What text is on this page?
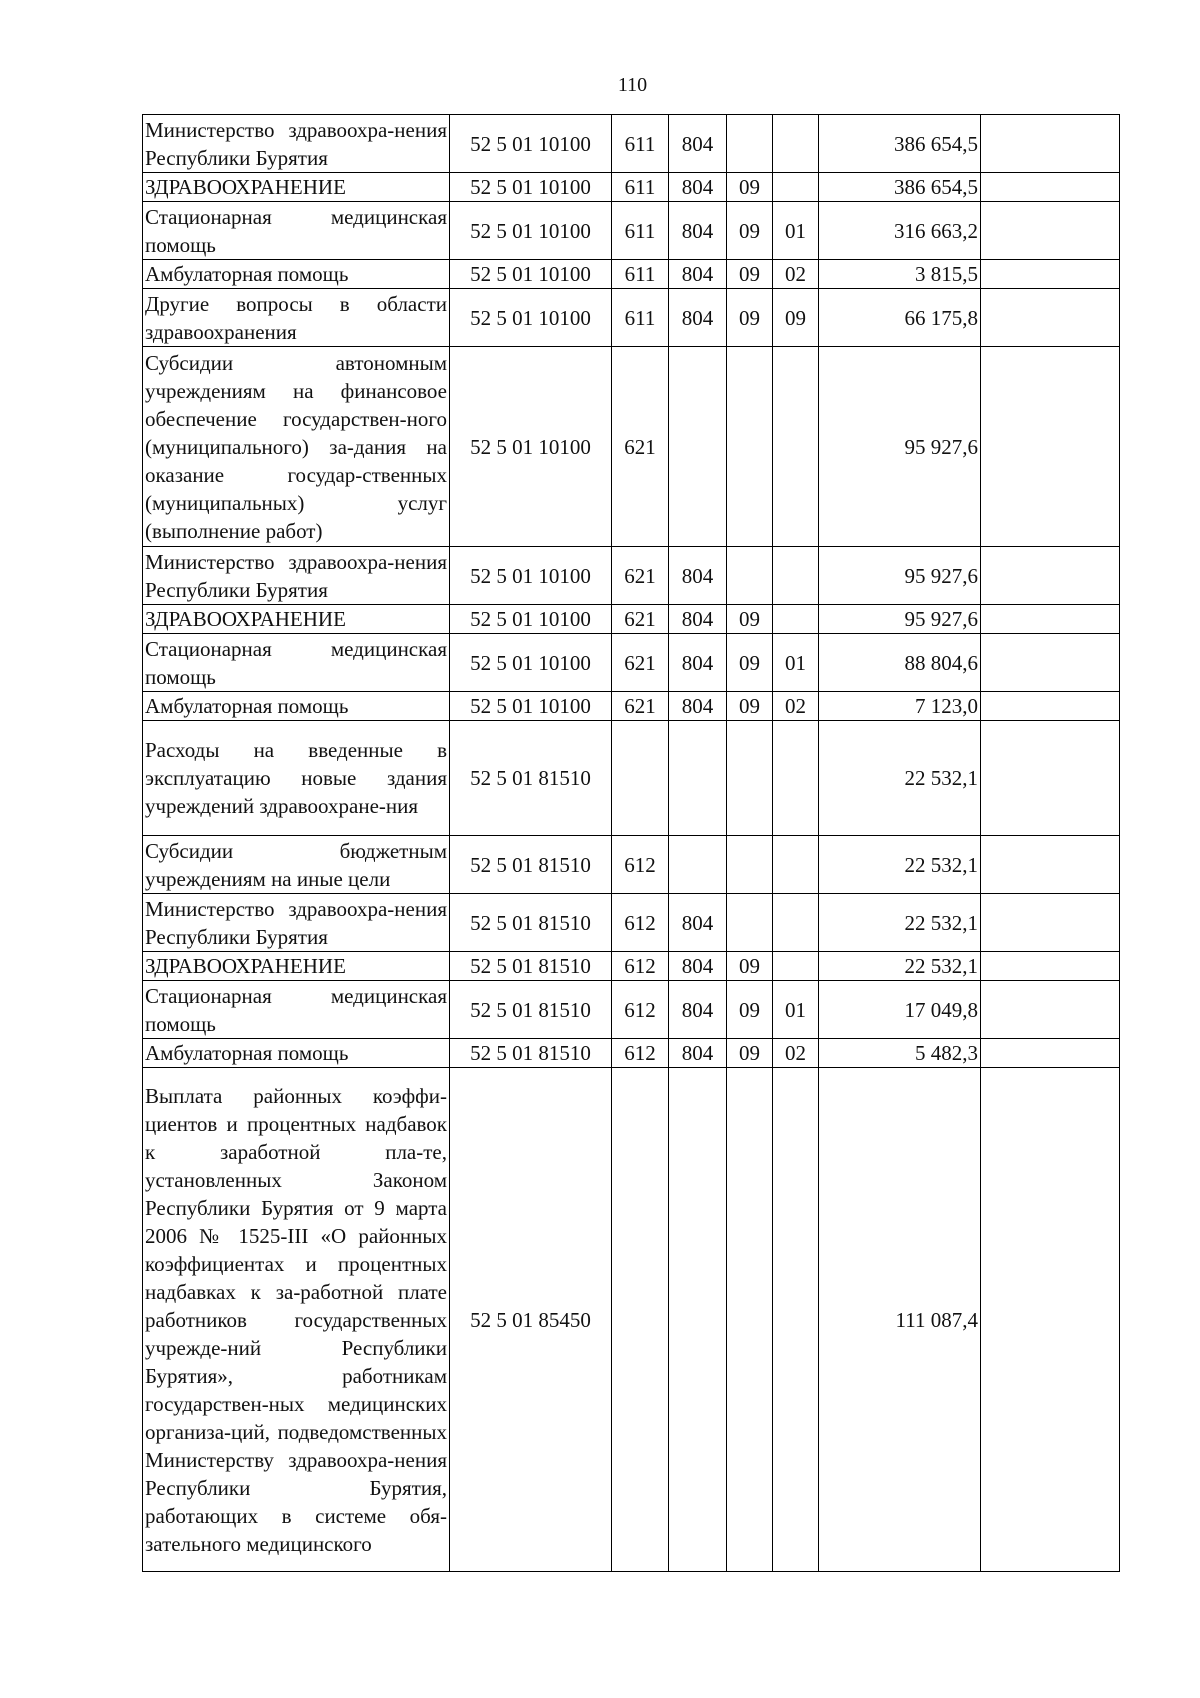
110
Министерство здравоохра-нения Республики Бурятия	52 5 01 10100	611	804			386 654,5	
ЗДРАВООХРАНЕНИЕ	52 5 01 10100	611	804	09		386 654,5	
Стационарная медицинская помощь	52 5 01 10100	611	804	09	01	316 663,2	
Амбулаторная помощь	52 5 01 10100	611	804	09	02	3 815,5	
Другие вопросы в области здравоохранения	52 5 01 10100	611	804	09	09	66 175,8	
Субсидии автономным учреждениям на финансовое обеспечение государствен-ного (муниципального) за-дания на оказание государ-ственных (муниципальных) услуг (выполнение работ)	52 5 01 10100	621				95 927,6	
Министерство здравоохра-нения Республики Бурятия	52 5 01 10100	621	804			95 927,6	
ЗДРАВООХРАНЕНИЕ	52 5 01 10100	621	804	09		95 927,6	
Стационарная медицинская помощь	52 5 01 10100	621	804	09	01	88 804,6	
Амбулаторная помощь	52 5 01 10100	621	804	09	02	7 123,0	
Расходы на введенные в эксплуатацию новые здания учреждений здравоохране-ния	52 5 01 81510					22 532,1	
Субсидии бюджетным учреждениям на иные цели	52 5 01 81510	612				22 532,1	
Министерство здравоохра-нения Республики Бурятия	52 5 01 81510	612	804			22 532,1	
ЗДРАВООХРАНЕНИЕ	52 5 01 81510	612	804	09		22 532,1	
Стационарная медицинская помощь	52 5 01 81510	612	804	09	01	17 049,8	
Амбулаторная помощь	52 5 01 81510	612	804	09	02	5 482,3	
Выплата районных коэффи-циентов и процентных надбавок к заработной пла-те, установленных Законом Республики Бурятия от 9 марта 2006 № 1525-III «О районных коэффициентах и процентных надбавках к за-работной плате работников государственных учрежде-ний Республики Бурятия», работникам государствен-ных медицинских организа-ций, подведомственных Министерству здравоохра-нения Республики Бурятия, работающих в системе обя-зательного медицинского	52 5 01 85450					111 087,4	
